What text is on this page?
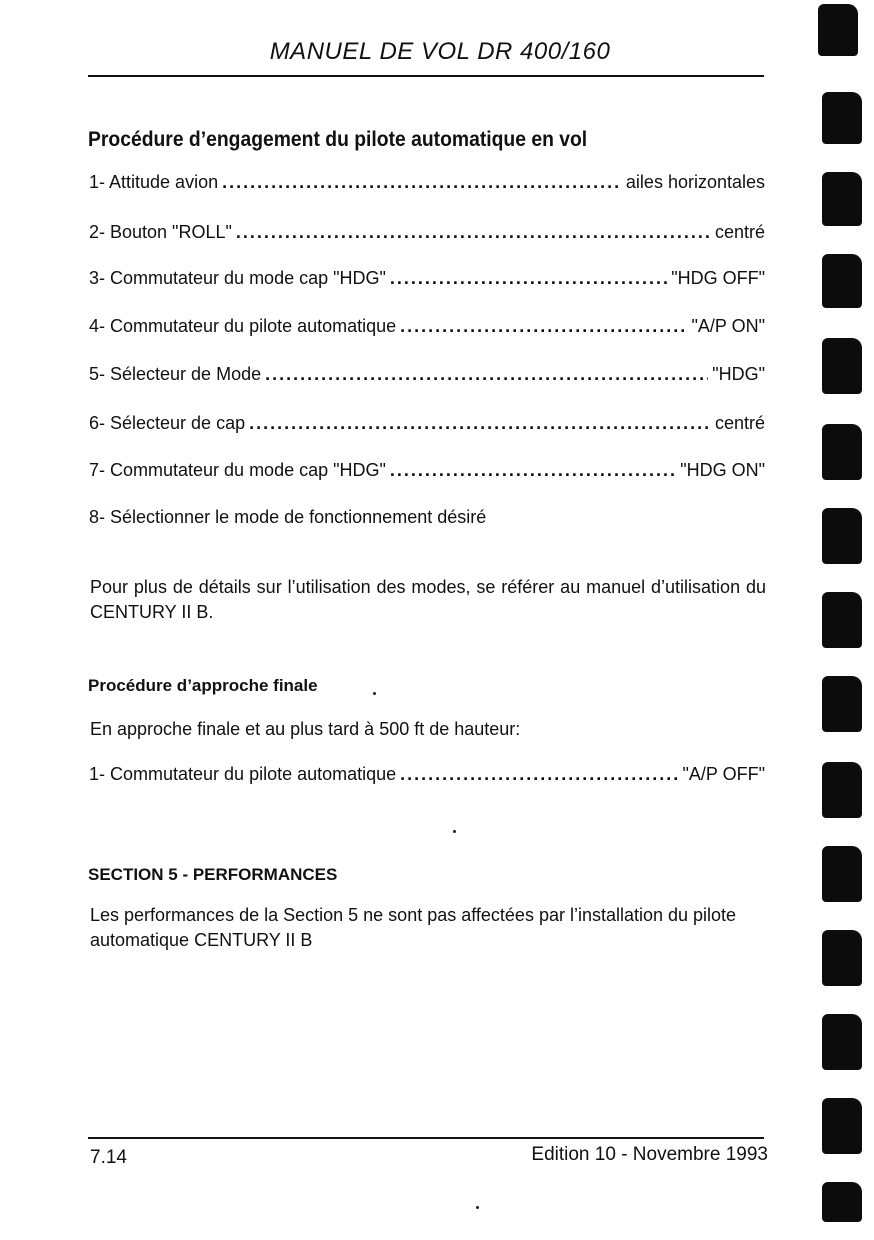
MANUEL DE VOL DR 400/160
Procédure d’engagement du pilote automatique en vol
1- Attitude avion .....	ailes horizontales
2- Bouton "ROLL" .....	centré
3- Commutateur du mode cap "HDG" .....	"HDG OFF"
4- Commutateur du pilote automatique .....	"A/P ON"
5- Sélecteur de Mode .....	"HDG"
6- Sélecteur de cap .....	centré
7- Commutateur du mode cap "HDG" .....	"HDG ON"
8- Sélectionner le mode de fonctionnement désiré
Pour plus de détails sur l’utilisation des modes, se référer au manuel d’utilisation du CENTURY II B.
Procédure d’approche finale
En approche finale et au plus tard à 500 ft de hauteur:
1- Commutateur du pilote automatique .....	"A/P OFF"
SECTION 5 - PERFORMANCES
Les performances de la Section 5 ne sont pas affectées par l’installation du pilote automatique CENTURY II B
7.14	Edition 10 - Novembre 1993
